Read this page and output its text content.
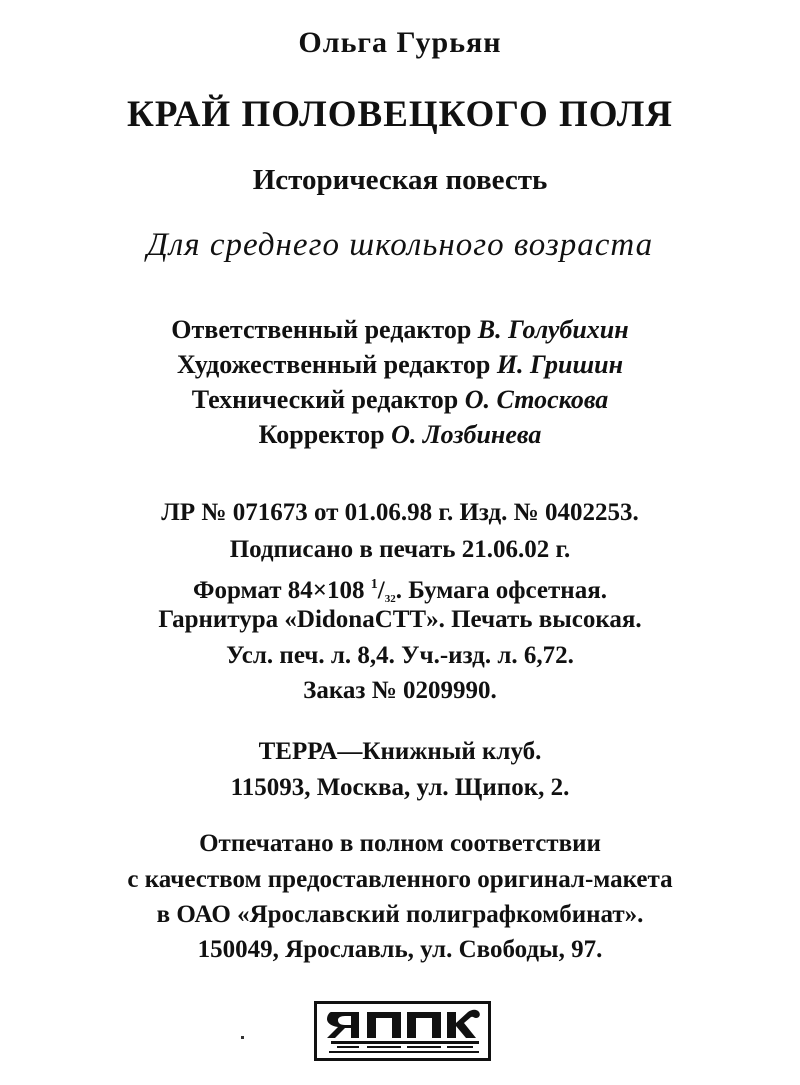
Ольга Гурьян
КРАЙ ПОЛОВЕЦКОГО ПОЛЯ
Историческая повесть
Для среднего школьного возраста
Ответственный редактор В. Голубихин
Художественный редактор И. Гришин
Технический редактор О. Стоскова
Корректор О. Лозбинева
ЛР № 071673 от 01.06.98 г. Изд. № 0402253.
Подписано в печать 21.06.02 г.
Формат 84×108 $^1/_{32}$. Бумага офсетная.
Гарнитура «DidonaCTT». Печать высокая.
Усл. печ. л. 8,4. Уч.-изд. л. 6,72.
Заказ № 0209990.
ТЕРРА—Книжный клуб.
115093, Москва, ул. Щипок, 2.
Отпечатано в полном соответствии
с качеством предоставленного оригинал-макета
в ОАО «Ярославский полиграфкомбинат».
150049, Ярославль, ул. Свободы, 97.
